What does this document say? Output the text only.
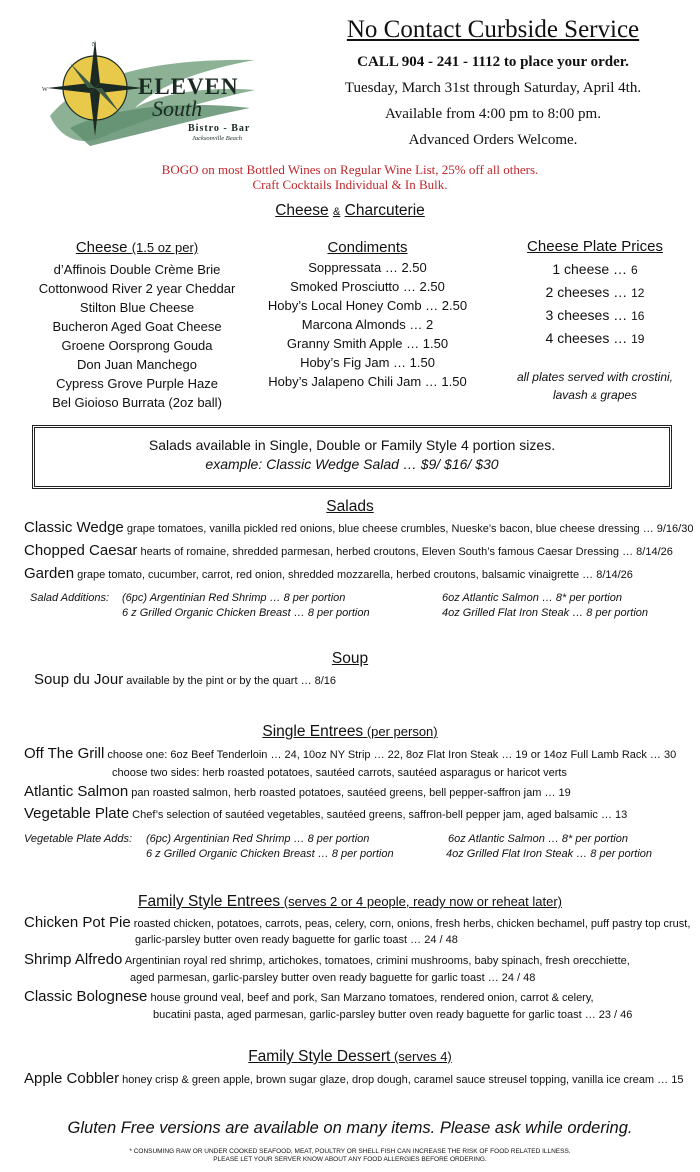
N
W	ELEVEN
South
Bistro - Bar
Jacksonville Beach
No Contact Curbside Service
CALL 904 - 241 - 1112 to place your order.
Tuesday, March 31st through Saturday, April 4th.
Available from 4:00 pm to 8:00 pm.
Advanced Orders Welcome.
BOGO on most Bottled Wines on Regular Wine List, 25% off all others.
Craft Cocktails Individual & In Bulk.
Cheese & Charcuterie
Cheese (1.5 oz per)
d’Affinois Double Crème Brie
Cottonwood River 2 year Cheddar
Stilton Blue Cheese
Bucheron Aged Goat Cheese
Groene Oorsprong Gouda
Don Juan Manchego
Cypress Grove Purple Haze
Bel Gioioso Burrata (2oz ball)
Condiments
Soppressata … 2.50
Smoked Prosciutto … 2.50
Hoby’s Local Honey Comb … 2.50
Marcona Almonds … 2
Granny Smith Apple … 1.50
Hoby’s Fig Jam … 1.50
Hoby’s Jalapeno Chili Jam … 1.50
Cheese Plate Prices
1 cheese … 6
2 cheeses … 12
3 cheeses … 16
4 cheeses … 19
all plates served with crostini,
lavash & grapes
Salads available in Single, Double or Family Style 4 portion sizes.
example: Classic Wedge Salad … $9/ $16/ $30
Salads
Classic Wedge grape tomatoes, vanilla pickled red onions, blue cheese crumbles, Nueske’s bacon, blue cheese dressing … 9/16/30
Chopped Caesar hearts of romaine, shredded parmesan, herbed croutons, Eleven South’s famous Caesar Dressing … 8/14/26
Garden grape tomato, cucumber, carrot, red onion, shredded mozzarella, herbed croutons, balsamic vinaigrette … 8/14/26
Salad Additions: (6pc) Argentinian Red Shrimp … 8 per portion	6oz Atlantic Salmon … 8* per portion
6 z Grilled Organic Chicken Breast … 8 per portion	4oz Grilled Flat Iron Steak … 8 per portion
Soup
Soup du Jour available by the pint or by the quart … 8/16
Single Entrees (per person)
Off The Grill choose one: 6oz Beef Tenderloin … 24, 10oz NY Strip … 22, 8oz Flat Iron Steak … 19 or 14oz Full Lamb Rack … 30
choose two sides: herb roasted potatoes, sautéed carrots, sautéed asparagus or haricot verts
Atlantic Salmon pan roasted salmon, herb roasted potatoes, sautéed greens, bell pepper-saffron jam … 19
Vegetable Plate Chef’s selection of sautéed vegetables, sautéed greens, saffron-bell pepper jam, aged balsamic … 13
Vegetable Plate Adds: (6pc) Argentinian Red Shrimp … 8 per portion	6oz Atlantic Salmon … 8* per portion
6 z Grilled Organic Chicken Breast … 8 per portion	4oz Grilled Flat Iron Steak … 8 per portion
Family Style Entrees (serves 2 or 4 people, ready now or reheat later)
Chicken Pot Pie roasted chicken, potatoes, carrots, peas, celery, corn, onions, fresh herbs, chicken bechamel, puff pastry top crust,
garlic-parsley butter oven ready baguette for garlic toast … 24 / 48
Shrimp Alfredo Argentinian royal red shrimp, artichokes, tomatoes, crimini mushrooms, baby spinach, fresh orecchiette,
aged parmesan, garlic-parsley butter oven ready baguette for garlic toast … 24 / 48
Classic Bolognese house ground veal, beef and pork, San Marzano tomatoes, rendered onion, carrot & celery,
bucatini pasta, aged parmesan, garlic-parsley butter oven ready baguette for garlic toast … 23 / 46
Family Style Dessert (serves 4)
Apple Cobbler honey crisp & green apple, brown sugar glaze, drop dough, caramel sauce streusel topping, vanilla ice cream … 15
Gluten Free versions are available on many items. Please ask while ordering.
* CONSUMING RAW OR UNDER COOKED SEAFOOD, MEAT, POULTRY OR SHELL FISH CAN INCREASE THE RISK OF FOOD RELATED ILLNESS.
PLEASE LET YOUR SERVER KNOW ABOUT ANY FOOD ALLERGIES BEFORE ORDERING.
